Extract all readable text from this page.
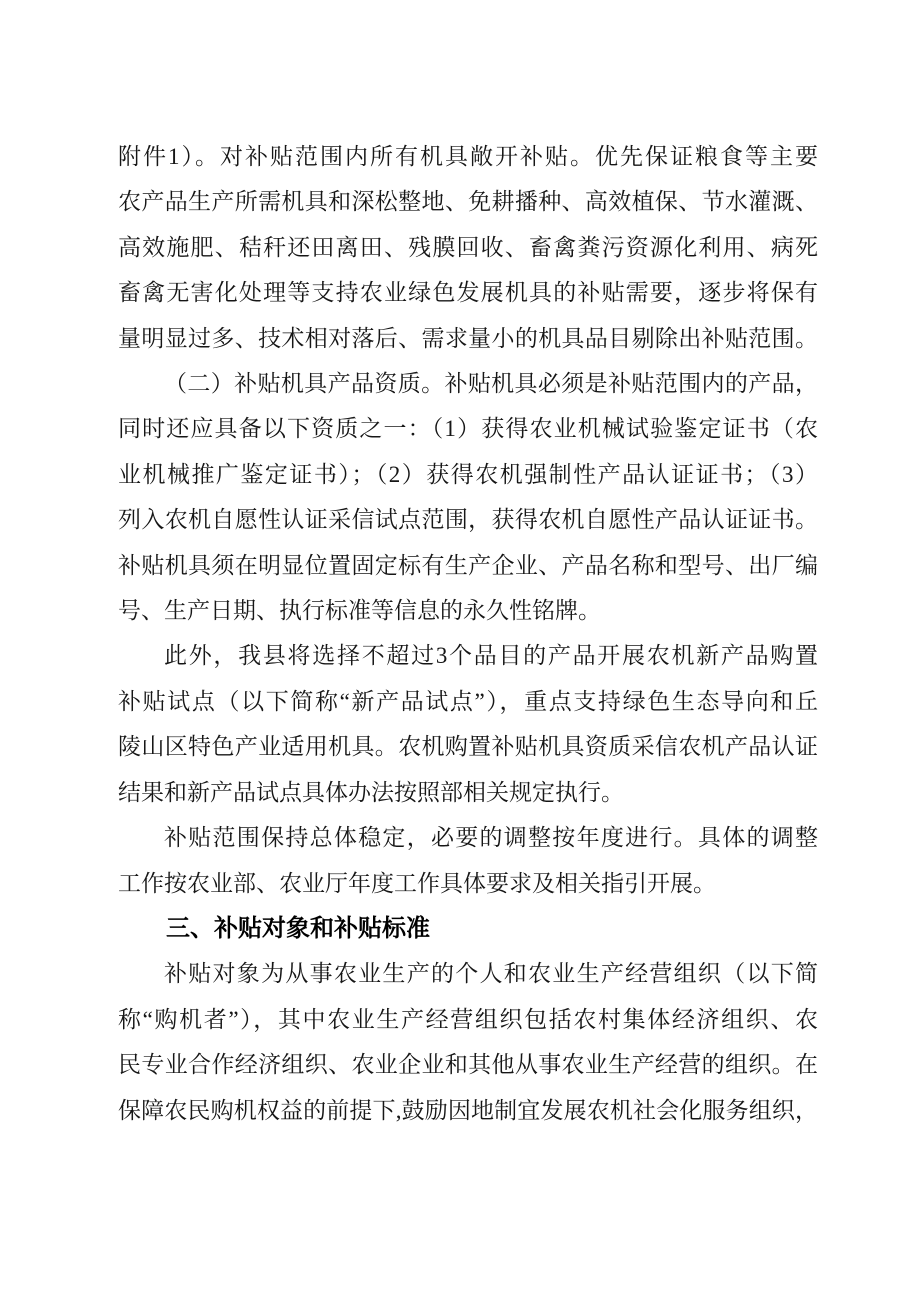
附件1）。对补贴范围内所有机具敞开补贴。优先保证粮食等主要
农产品生产所需机具和深松整地、免耕播种、高效植保、节水灌溉、
高效施肥、秸秆还田离田、残膜回收、畜禽粪污资源化利用、病死
畜禽无害化处理等支持农业绿色发展机具的补贴需要，逐步将保有
量明显过多、技术相对落后、需求量小的机具品目剔除出补贴范围。
（二）补贴机具产品资质。补贴机具必须是补贴范围内的产品，
同时还应具备以下资质之一：（1）获得农业机械试验鉴定证书（农
业机械推广鉴定证书）；（2）获得农机强制性产品认证证书；（3）
列入农机自愿性认证采信试点范围，获得农机自愿性产品认证证书。
补贴机具须在明显位置固定标有生产企业、产品名称和型号、出厂编
号、生产日期、执行标准等信息的永久性铭牌。
此外，我县将选择不超过3个品目的产品开展农机新产品购置
补贴试点（以下简称“新产品试点”），重点支持绿色生态导向和丘
陵山区特色产业适用机具。农机购置补贴机具资质采信农机产品认证
结果和新产品试点具体办法按照部相关规定执行。
补贴范围保持总体稳定，必要的调整按年度进行。具体的调整
工作按农业部、农业厅年度工作具体要求及相关指引开展。
三、补贴对象和补贴标准
补贴对象为从事农业生产的个人和农业生产经营组织（以下简
称“购机者”），其中农业生产经营组织包括农村集体经济组织、农
民专业合作经济组织、农业企业和其他从事农业生产经营的组织。在
保障农民购机权益的前提下,鼓励因地制宜发展农机社会化服务组织，
